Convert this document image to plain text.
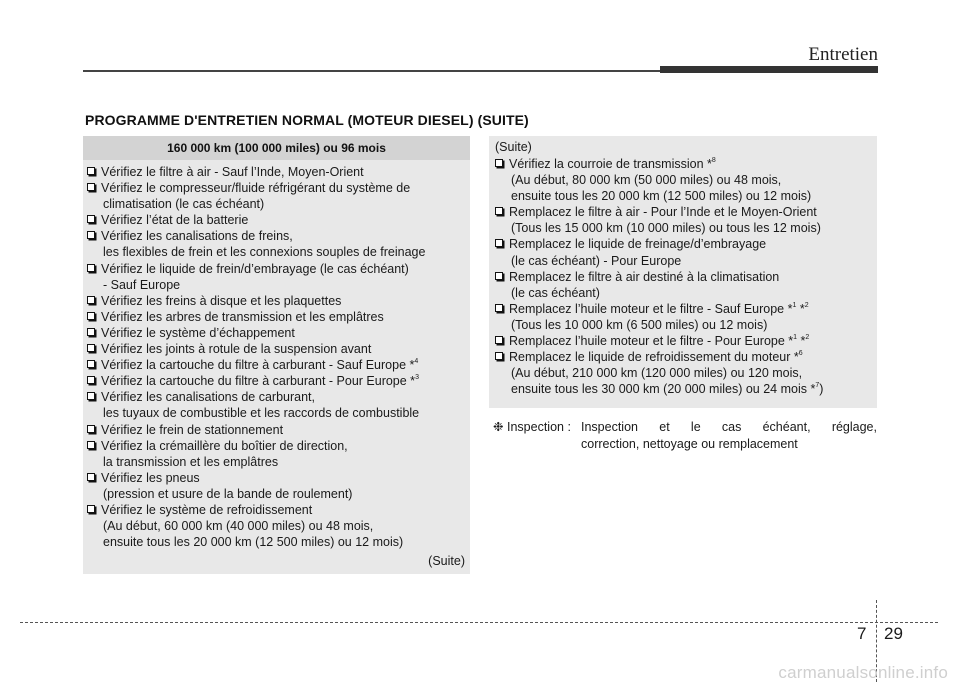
Entretien
PROGRAMME D'ENTRETIEN NORMAL (MOTEUR DIESEL) (SUITE)
160 000 km (100 000 miles) ou 96 mois
Vérifiez le filtre à air - Sauf l’Inde, Moyen-Orient
Vérifiez le compresseur/fluide réfrigérant du système de
climatisation (le cas échéant)
Vérifiez l’état de la batterie
Vérifiez les canalisations de freins,
les flexibles de frein et les connexions souples de freinage
Vérifiez le liquide de frein/d’embrayage (le cas échéant)
- Sauf Europe
Vérifiez les freins à disque et les plaquettes
Vérifiez les arbres de transmission et les emplâtres
Vérifiez le système d’échappement
Vérifiez les joints à rotule de la suspension avant
Vérifiez la cartouche du filtre à carburant - Sauf Europe *$^4$
Vérifiez la cartouche du filtre à carburant - Pour Europe *$^3$
Vérifiez les canalisations de carburant,
les tuyaux de combustible et les raccords de combustible
Vérifiez le frein de stationnement
Vérifiez la crémaillère du boîtier de direction,
la transmission et les emplâtres
Vérifiez les pneus
(pression et usure de la bande de roulement)
Vérifiez le système de refroidissement
(Au début, 60 000 km (40 000 miles) ou 48 mois,
ensuite tous les 20 000 km (12 500 miles) ou 12 mois)
(Suite)
(Suite)
Vérifiez la courroie de transmission *$^8$
(Au début, 80 000 km (50 000 miles) ou 48 mois,
ensuite tous les 20 000 km (12 500 miles) ou 12 mois)
Remplacez le filtre à air - Pour l’Inde et le Moyen-Orient
(Tous les 15 000 km (10 000 miles) ou tous les 12 mois)
Remplacez le liquide de freinage/d’embrayage
(le cas échéant) - Pour Europe
Remplacez le filtre à air destiné à la climatisation
(le cas échéant)
Remplacez l’huile moteur et le filtre - Sauf Europe *$^1$ *$^2$
(Tous les 10 000 km (6 500 miles) ou 12 mois)
Remplacez l’huile moteur et le filtre - Pour Europe *$^1$ *$^2$
Remplacez le liquide de refroidissement du moteur *$^6$
(Au début, 210 000 km (120 000 miles) ou 120 mois,
ensuite tous les 30 000 km (20 000 miles) ou 24 mois *$^7$)
❉ Inspection : Inspection et le cas échéant, réglage,
correction, nettoyage ou remplacement
7 29
carmanualsonline.info
